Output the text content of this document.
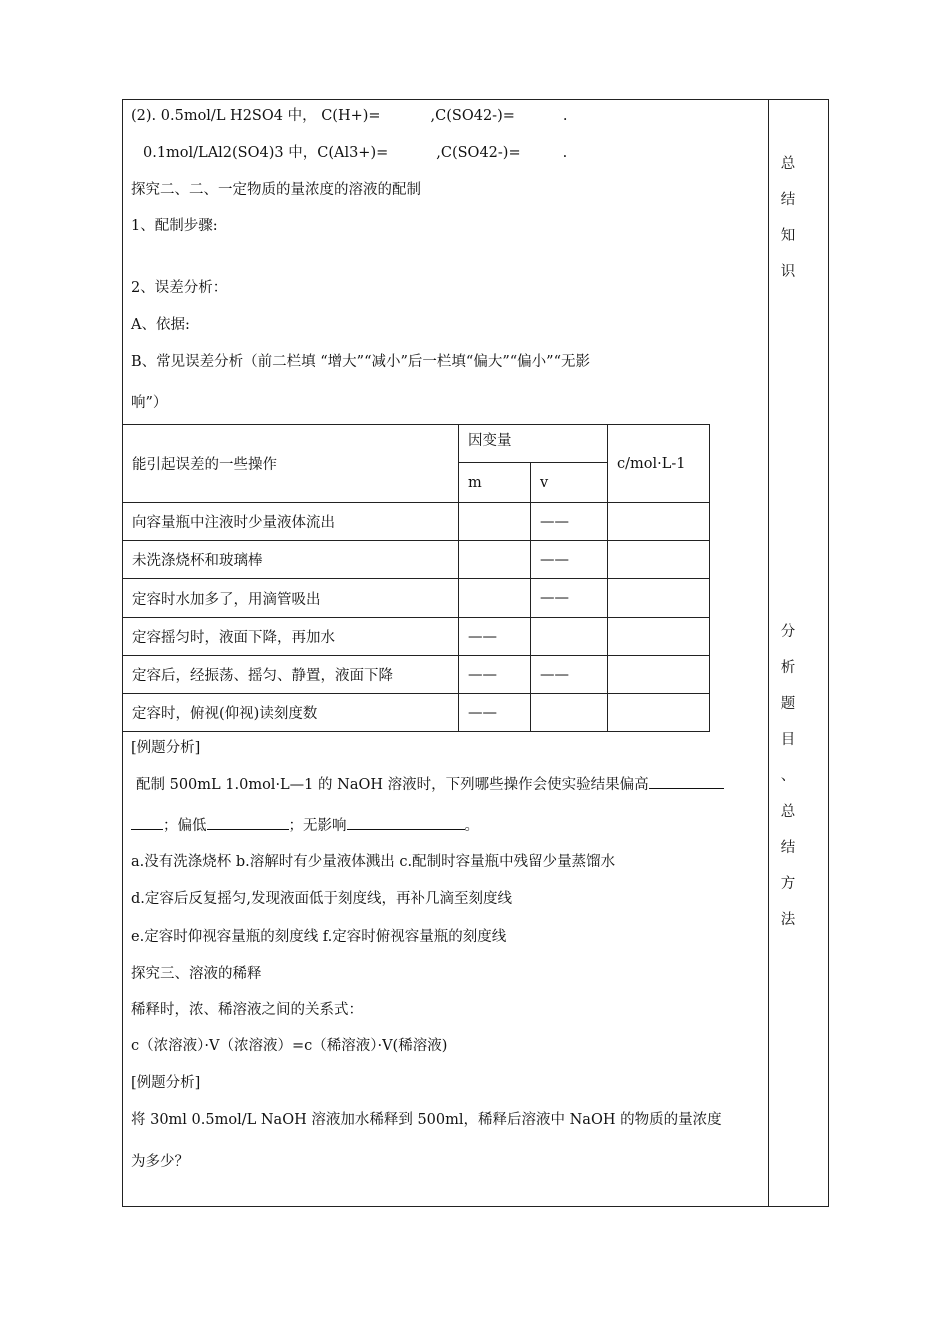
(2). 0.5mol/L H2SO4 中， C(H+)=	,C(SO42-)=	.
0.1mol/LAl2(SO4)3 中，C(Al3+)=	,C(SO42-)=	.
探究二、二、一定物质的量浓度的溶液的配制
1、配制步骤:
2、误差分析：
A、依据:
B、常见误差分析（前二栏填 “增大”“减小”后一栏填“偏大”“偏小”“无影
响”）
能引起误差的一些操作	因变量		c/mol·L-1
	m	v	
向容量瓶中注液时少量液体流出		——	
未洗涤烧杯和玻璃棒		——	
定容时水加多了，用滴管吸出		——	
定容摇匀时，液面下降，再加水	——		
定容后，经振荡、摇匀、静置，液面下降	——	——	
定容时，俯视(仰视)读刻度数	——		
[例题分析]
配制 500mL 1.0mol·L—1 的 NaOH 溶液时，下列哪些操作会使实验结果偏高
；偏低	；无影响	。
a.没有洗涤烧杯 b.溶解时有少量液体溅出 c.配制时容量瓶中残留少量蒸馏水
d.定容后反复摇匀,发现液面低于刻度线，再补几滴至刻度线
e.定容时仰视容量瓶的刻度线 f.定容时俯视容量瓶的刻度线
探究三、溶液的稀释
稀释时，浓、稀溶液之间的关系式：
c（浓溶液）·V（浓溶液）=c（稀溶液）·V(稀溶液)
[例题分析]
将 30ml 0.5mol/L NaOH 溶液加水稀释到 500ml，稀释后溶液中 NaOH 的物质的量浓度
为多少？
总
结
知
识
分
析
题
目
、
总
结
方
法
